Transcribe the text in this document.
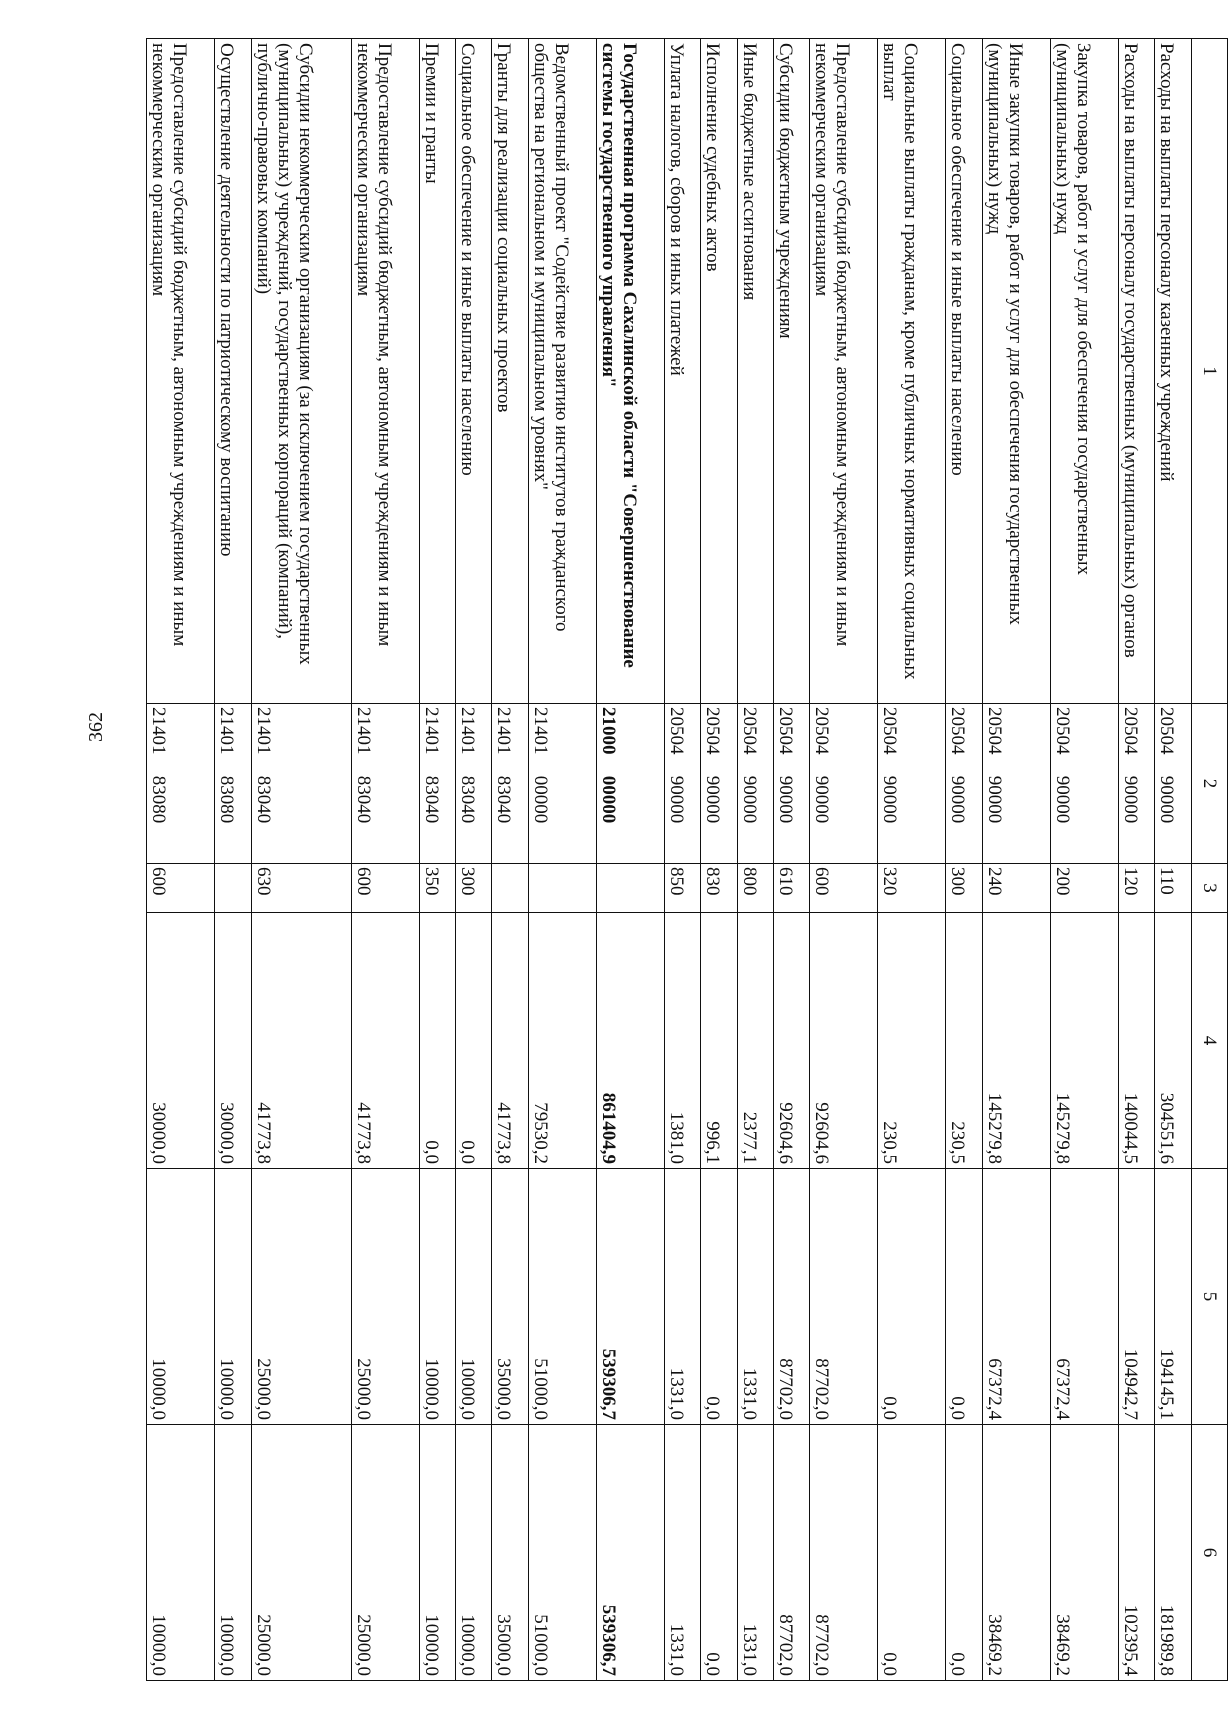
362
1	2	3	4	5	6
Расходы на выплаты персоналу казенных учреждений	20504 90000	110	304551,6	194145,1	181989,8
Расходы на выплаты персоналу государственных (муниципальных) органов	20504 90000	120	140044,5	104942,7	102395,4
Закупка товаров, работ и услуг для обеспечения государственных (муниципальных) нужд	20504 90000	200	145279,8	67372,4	38469,2
Иные закупки товаров, работ и услуг для обеспечения государственных (муниципальных) нужд	20504 90000	240	145279,8	67372,4	38469,2
Социальное обеспечение и иные выплаты населению	20504 90000	300	230,5	0,0	0,0
Социальные выплаты гражданам, кроме публичных нормативных социальных выплат	20504 90000	320	230,5	0,0	0,0
Предоставление субсидий бюджетным, автономным учреждениям и иным некоммерческим организациям	20504 90000	600	92604,6	87702,0	87702,0
Субсидии бюджетным учреждениям	20504 90000	610	92604,6	87702,0	87702,0
Иные бюджетные ассигнования	20504 90000	800	2377,1	1331,0	1331,0
Исполнение судебных актов	20504 90000	830	996,1	0,0	0,0
Уплата налогов, сборов и иных платежей	20504 90000	850	1381,0	1331,0	1331,0
Государственная программа Сахалинской области "Совершенствование системы государственного управления"	21000 00000		861404,9	539306,7	539306,7
Ведомственный проект "Содействие развитию институтов гражданского общества на региональном и муниципальном уровнях"	21401 00000		79530,2	51000,0	51000,0
Гранты для реализации социальных проектов	21401 83040		41773,8	35000,0	35000,0
Социальное обеспечение и иные выплаты населению	21401 83040	300	0,0	10000,0	10000,0
Премии и гранты	21401 83040	350	0,0	10000,0	10000,0
Предоставление субсидий бюджетным, автономным учреждениям и иным некоммерческим организациям	21401 83040	600	41773,8	25000,0	25000,0
Субсидии некоммерческим организациям (за исключением государственных (муниципальных) учреждений, государственных корпораций (компаний), публично-правовых компаний)	21401 83040	630	41773,8	25000,0	25000,0
Осуществление деятельности по патриотическому воспитанию	21401 83080		30000,0	10000,0	10000,0
Предоставление субсидий бюджетным, автономным учреждениям и иным некоммерческим организациям	21401 83080	600	30000,0	10000,0	10000,0
